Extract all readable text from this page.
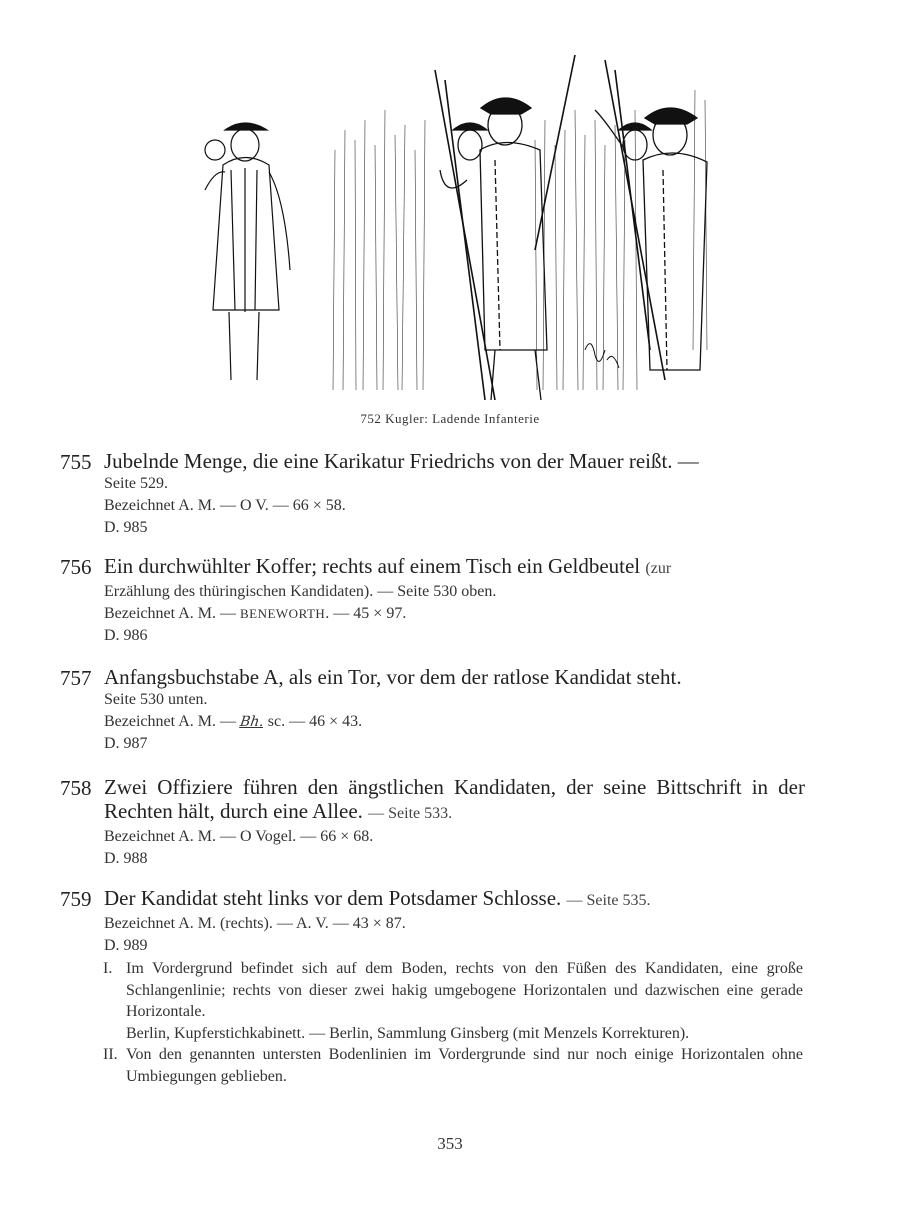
752 Kugler: Ladende Infanterie
755 Jubelnde Menge, die eine Karikatur Friedrichs von der Mauer reißt. —
Seite 529.
Bezeichnet A. M. — O V. — 66 × 58.
D. 985
756 Ein durchwühlter Koffer; rechts auf einem Tisch ein Geldbeutel (zur
Erzählung des thüringischen Kandidaten). — Seite 530 oben.
Bezeichnet A. M. — BENEWORTH. — 45 × 97.
D. 986
757 Anfangsbuchstabe A, als ein Tor, vor dem der ratlose Kandidat steht.
Seite 530 unten.
Bezeichnet A. M. — Bh. sc. — 46 × 43.
D. 987
758 Zwei Offiziere führen den ängstlichen Kandidaten, der seine Bittschrift in der Rechten hält, durch eine Allee. — Seite 533.
Bezeichnet A. M. — O Vogel. — 66 × 68.
D. 988
759 Der Kandidat steht links vor dem Potsdamer Schlosse. — Seite 535.
Bezeichnet A. M. (rechts). — A. V. — 43 × 87.
D. 989
I. Im Vordergrund befindet sich auf dem Boden, rechts von den Füßen des Kandidaten, eine große Schlangenlinie; rechts von dieser zwei hakig umgebogene Horizontalen und dazwischen eine gerade Horizontale.
Berlin, Kupferstichkabinett. — Berlin, Sammlung Ginsberg (mit Menzels Korrekturen).
II. Von den genannten untersten Bodenlinien im Vordergrunde sind nur noch einige Horizontalen ohne Umbiegungen geblieben.
353
